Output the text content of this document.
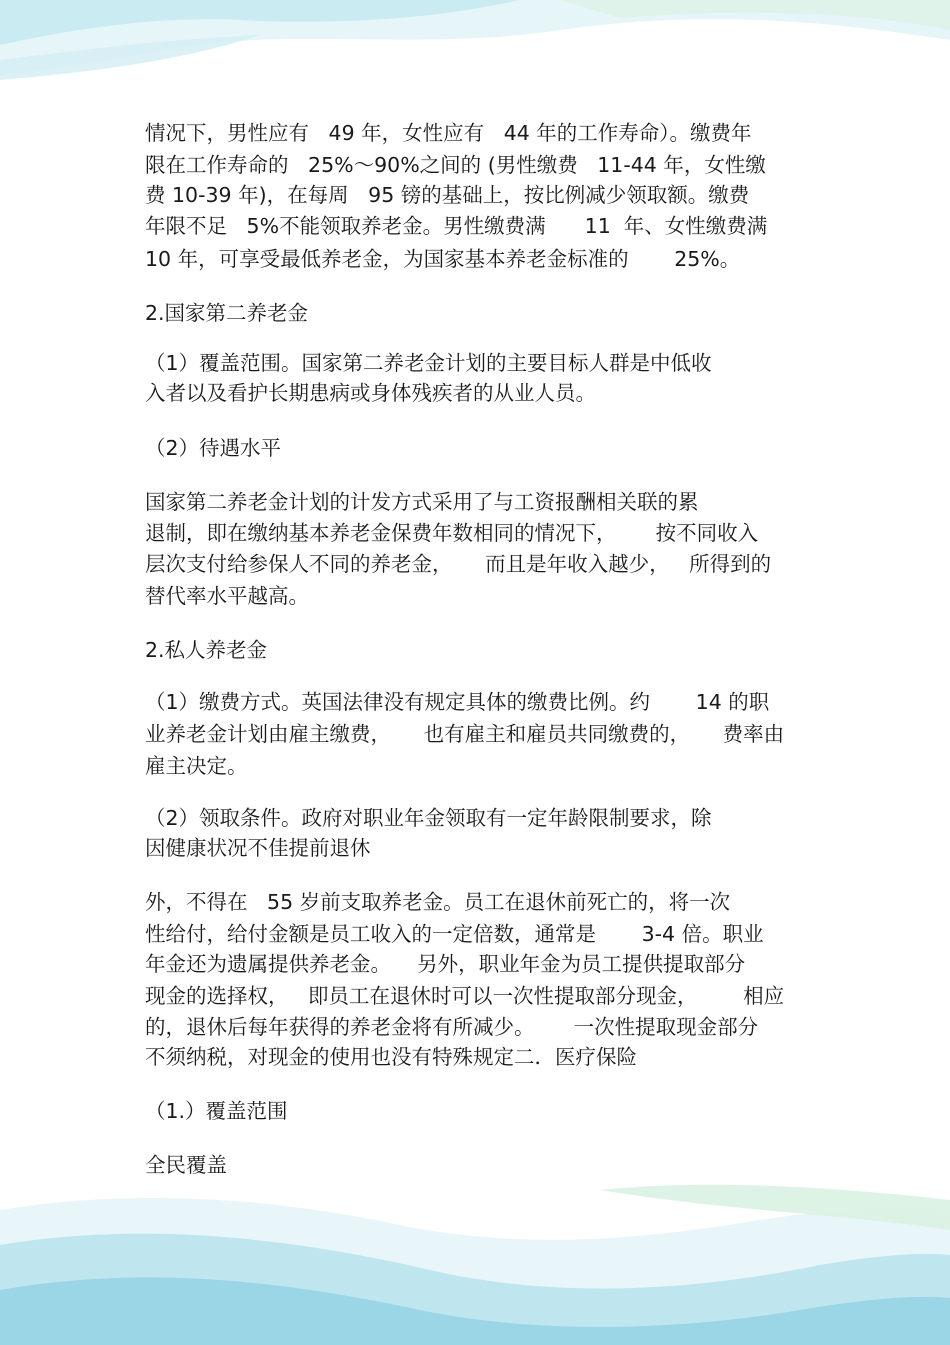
情况下，男性应有   49 年，女性应有   44 年的工作寿命）。缴费年

限在工作寿命的   25%～90%之间的 (男性缴费   11-44 年，女性缴

费 10-39 年)，在每周   95 镑的基础上，按比例减少领取额。缴费

年限不足   5%不能领取养老金。男性缴费满      11  年、女性缴费满

10 年，可享受最低养老金，为国家基本养老金标准的       25%。

2.国家第二养老金

（1）覆盖范围。国家第二养老金计划的主要目标人群是中低收

入者以及看护长期患病或身体残疾者的从业人员。

（2）待遇水平

国家第二养老金计划的计发方式采用了与工资报酬相关联的累

退制，即在缴纳基本养老金保费年数相同的情况下，      按不同收入

层次支付给参保人不同的养老金，     而且是年收入越少，   所得到的

替代率水平越高。

2.私人养老金

（1）缴费方式。英国法律没有规定具体的缴费比例。约       14 的职

业养老金计划由雇主缴费，     也有雇主和雇员共同缴费的，     费率由

雇主决定。

（2）领取条件。政府对职业年金领取有一定年龄限制要求，除

因健康状况不佳提前退休

外，不得在   55 岁前支取养老金。员工在退休前死亡的，将一次

性给付，给付金额是员工收入的一定倍数，通常是       3-4 倍。职业

年金还为遗属提供养老金。    另外，职业年金为员工提供提取部分

现金的选择权，   即员工在退休时可以一次性提取部分现金，       相应

的，退休后每年获得的养老金将有所减少。      一次性提取现金部分

不须纳税，对现金的使用也没有特殊规定二．医疗保险

（1.）覆盖范围

全民覆盖
